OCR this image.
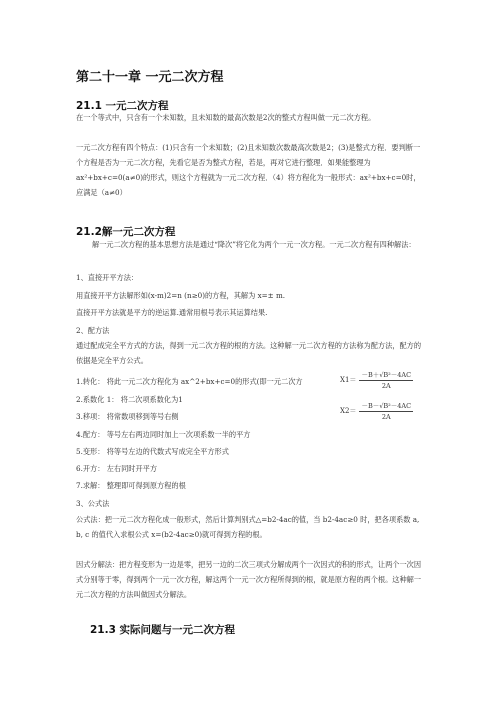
第二十一章 一元二次方程
21.1 一元二次方程

在一个等式中，只含有一个未知数，且未知数的最高次数是2次的整式方程叫做一元二次方程。

一元二次方程有四个特点：(1)只含有一个未知数；(2)且未知数次数最高次数是2；(3)是整式方程．要判断一个方程是否为一元二次方程，先看它是否为整式方程，若是，再对它进行整理．如果能整理为 ax²+bx+c=0(a≠0)的形式，则这个方程就为一元二次方程．（4）将方程化为一般形式：ax²+bx+c=0时，应满足（a≠0）

21.2解一元二次方程

解一元二次方程的基本思想方法是通过“降次”将它化为两个一元一次方程。一元二次方程有四种解法：

1、直接开平方法：
用直接开平方法解形如(x-m)2=n (n≥0)的方程，其解为 x=± m.
直接开平方法就是平方的逆运算.通常用根号表示其运算结果.
2、配方法

通过配成完全平方式的方法，得到一元二次方程的根的方法。这种解一元二次方程的方法称为配方法，配方的依据是完全平方公式。

1.转化： 将此一元二次方程化为 ax^2+bx+c=0的形式(即一元二次方
2.系数化 1： 将二次项系数化为1
3.移项： 将常数项移到等号右侧
4.配方： 等号左右两边同时加上一次项系数一半的平方
5.变形： 将等号左边的代数式写成完全平方形式
6.开方： 左右同时开平方
7.求解： 整理即可得到原方程的根
$X1= \frac{\text{－B＋√B²－4AC}}{2A}$
$X2= \frac{\text{－B－√B²－4AC}}{2A}$
3、公式法

公式法：把一元二次方程化成一般形式，然后计算判别式△=b2-4ac的值，当 b2-4ac≥0 时，把各项系数 a, b, c 的值代入求根公式 x=(b2-4ac≥0)就可得到方程的根。

因式分解法：把方程变形为一边是零，把另一边的二次三项式分解成两个一次因式的积的形式，让两个一次因式分别等于零，得到两个一元一次方程，解这两个一元一次方程所得到的根，就是原方程的两个根。这种解一元二次方程的方法叫做因式分解法。

21.3 实际问题与一元二次方程
